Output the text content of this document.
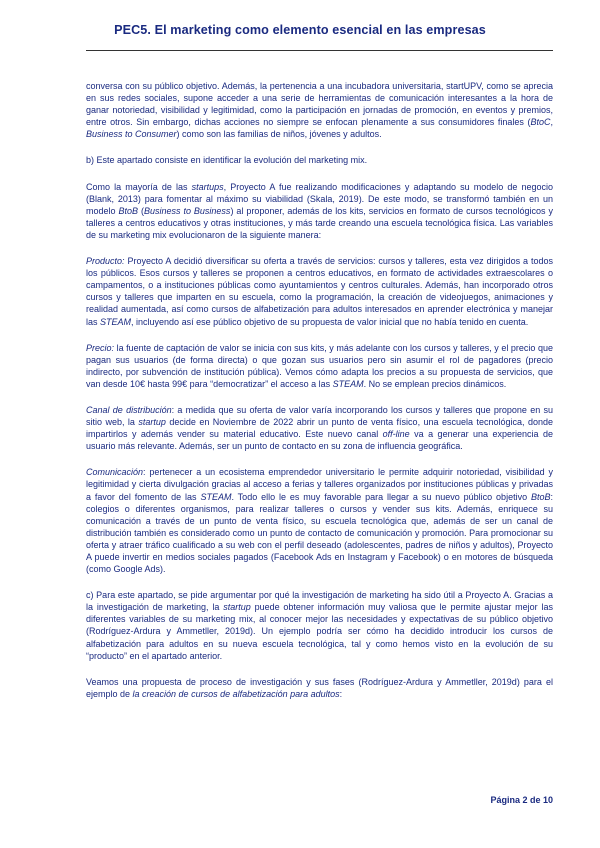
PEC5. El marketing como elemento esencial en las empresas

conversa con su público objetivo. Además, la pertenencia a una incubadora universitaria, startUPV, como se aprecia en sus redes sociales, supone acceder a una serie de herramientas de comunicación interesantes a la hora de ganar notoriedad, visibilidad y legitimidad, como la participación en jornadas de promoción, en eventos y premios, entre otros. Sin embargo, dichas acciones no siempre se enfocan plenamente a sus consumidores finales (BtoC, Business to Consumer) como son las familias de niños, jóvenes y adultos.

b) Este apartado consiste en identificar la evolución del marketing mix.

Como la mayoría de las startups, Proyecto A fue realizando modificaciones y adaptando su modelo de negocio (Blank, 2013) para fomentar al máximo su viabilidad (Skala, 2019). De este modo, se transformó también en un modelo BtoB (Business to Business) al proponer, además de los kits, servicios en formato de cursos tecnológicos y talleres a centros educativos y otras instituciones, y más tarde creando una escuela tecnológica física. Las variables de su marketing mix evolucionaron de la siguiente manera:

Producto: Proyecto A decidió diversificar su oferta a través de servicios: cursos y talleres, esta vez dirigidos a todos los públicos. Esos cursos y talleres se proponen a centros educativos, en formato de actividades extraescolares o campamentos, o a instituciones públicas como ayuntamientos y centros culturales. Además, han incorporado otros cursos y talleres que imparten en su escuela, como la programación, la creación de videojuegos, animaciones y realidad aumentada, así como cursos de alfabetización para adultos interesados en aprender electrónica y manejar las STEAM, incluyendo así ese público objetivo de su propuesta de valor inicial que no había tenido en cuenta.

Precio: la fuente de captación de valor se inicia con sus kits, y más adelante con los cursos y talleres, y el precio que pagan sus usuarios (de forma directa) o que gozan sus usuarios pero sin asumir el rol de pagadores (precio indirecto, por subvención de institución pública). Vemos cómo adapta los precios a su propuesta de servicios, que van desde 10€ hasta 99€ para “democratizar” el acceso a las STEAM. No se emplean precios dinámicos.

Canal de distribución: a medida que su oferta de valor varía incorporando los cursos y talleres que propone en su sitio web, la startup decide en Noviembre de 2022 abrir un punto de venta físico, una escuela tecnológica, donde impartirlos y además vender su material educativo. Este nuevo canal off-line va a generar una experiencia de usuario más relevante. Además, ser un punto de contacto en su zona de influencia geográfica.

Comunicación: pertenecer a un ecosistema emprendedor universitario le permite adquirir notoriedad, visibilidad y legitimidad y cierta divulgación gracias al acceso a ferias y talleres organizados por instituciones públicas y privadas a favor del fomento de las STEAM. Todo ello le es muy favorable para llegar a su nuevo público objetivo BtoB: colegios o diferentes organismos, para realizar talleres o cursos y vender sus kits. Además, enriquece su comunicación a través de un punto de venta físico, su escuela tecnológica que, además de ser un canal de distribución también es considerado como un punto de contacto de comunicación y promoción. Para promocionar su oferta y atraer tráfico cualificado a su web con el perfil deseado (adolescentes, padres de niños y adultos), Proyecto A puede invertir en medios sociales pagados (Facebook Ads en Instagram y Facebook) o en motores de búsqueda (como Google Ads).

c) Para este apartado, se pide argumentar por qué la investigación de marketing ha sido útil a Proyecto A. Gracias a la investigación de marketing, la startup puede obtener información muy valiosa que le permite ajustar mejor las diferentes variables de su marketing mix, al conocer mejor las necesidades y expectativas de su público objetivo (Rodríguez-Ardura y Ammetller, 2019d). Un ejemplo podría ser cómo ha decidido introducir los cursos de alfabetización para adultos en su nueva escuela tecnológica, tal y como hemos visto en la evolución de su “producto” en el apartado anterior.

Veamos una propuesta de proceso de investigación y sus fases (Rodríguez-Ardura y Ammetller, 2019d) para el ejemplo de la creación de cursos de alfabetización para adultos:

Página 2 de 10
